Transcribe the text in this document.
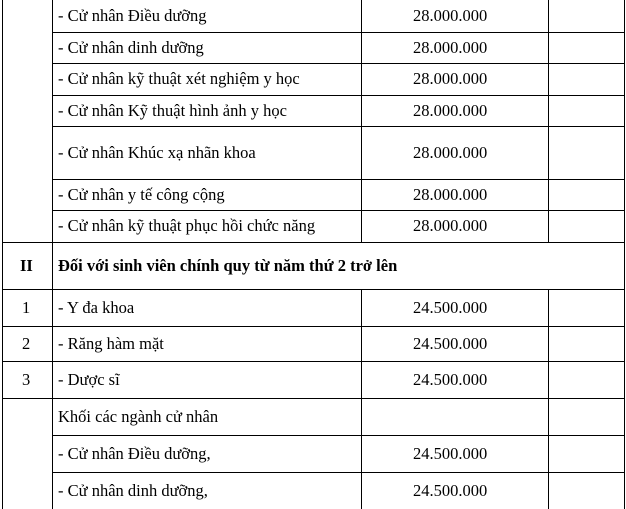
- Cử nhân Điều dưỡng	28.000.000
- Cử nhân dinh dưỡng	28.000.000
- Cử nhân kỹ thuật xét nghiệm y học	28.000.000
- Cử nhân Kỹ thuật hình ảnh y học	28.000.000
- Cử nhân Khúc xạ nhãn khoa	28.000.000
- Cử nhân y tế công cộng	28.000.000
- Cử nhân kỹ thuật phục hồi chức năng	28.000.000
II Đối với sinh viên chính quy từ năm thứ 2 trở lên
1 - Y đa khoa	24.500.000
2 - Răng hàm mặt	24.500.000
3 - Dược sĩ	24.500.000
Khối các ngành cử nhân
- Cử nhân Điều dưỡng,	24.500.000
- Cử nhân dinh dưỡng,	24.500.000
